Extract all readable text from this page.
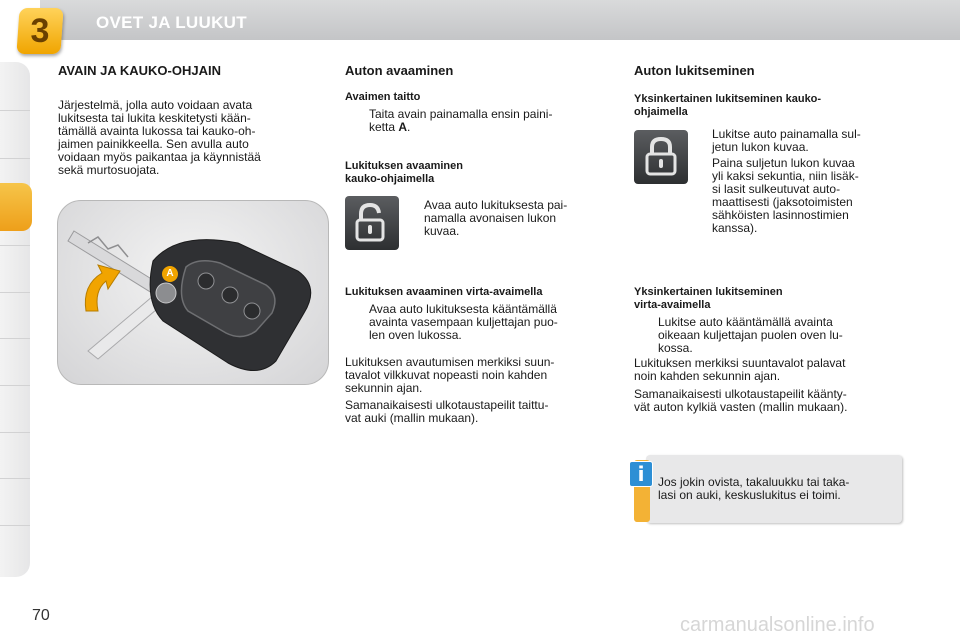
OVET JA LUUKUT
3
AVAIN JA KAUKO-OHJAIN
Järjestelmä, jolla auto voidaan avata
lukitsesta tai lukita keskitetysti kään-
tämällä avainta lukossa tai kauko-oh-
jaimen painikkeella. Sen avulla auto
voidaan myös paikantaa ja käynnistää
sekä murtosuojata.
A
Auton avaaminen
Avaimen taitto
Taita avain painamalla ensin paini-
ketta A.
Lukituksen avaaminen
kauko-ohjaimella
Avaa auto lukituksesta pai-
namalla avonaisen lukon
kuvaa.
Lukituksen avaaminen virta-avaimella
Avaa auto lukituksesta kääntämällä
avainta vasempaan kuljettajan puo-
len oven lukossa.
Lukituksen avautumisen merkiksi suun-
tavalot vilkkuvat nopeasti noin kahden
sekunnin ajan.
Samanaikaisesti ulkotaustapeilit taittu-
vat auki (mallin mukaan).
Auton lukitseminen
Yksinkertainen lukitseminen kauko-
ohjaimella
Lukitse auto painamalla sul-
jetun lukon kuvaa.
Paina suljetun lukon kuvaa
yli kaksi sekuntia, niin lisäk-
si lasit sulkeutuvat auto-
maattisesti (jaksotoimisten
sähköisten lasinnostimien
kanssa).
Yksinkertainen lukitseminen
virta-avaimella
Lukitse auto kääntämällä avainta
oikeaan kuljettajan puolen oven lu-
kossa.
Lukituksen merkiksi suuntavalot palavat
noin kahden sekunnin ajan.
Samanaikaisesti ulkotaustapeilit käänty-
vät auton kylkiä vasten (mallin mukaan).
i	Jos jokin ovista, takaluukku tai taka-
lasi on auki, keskuslukitus ei toimi.
70	carmanualsonline.info
